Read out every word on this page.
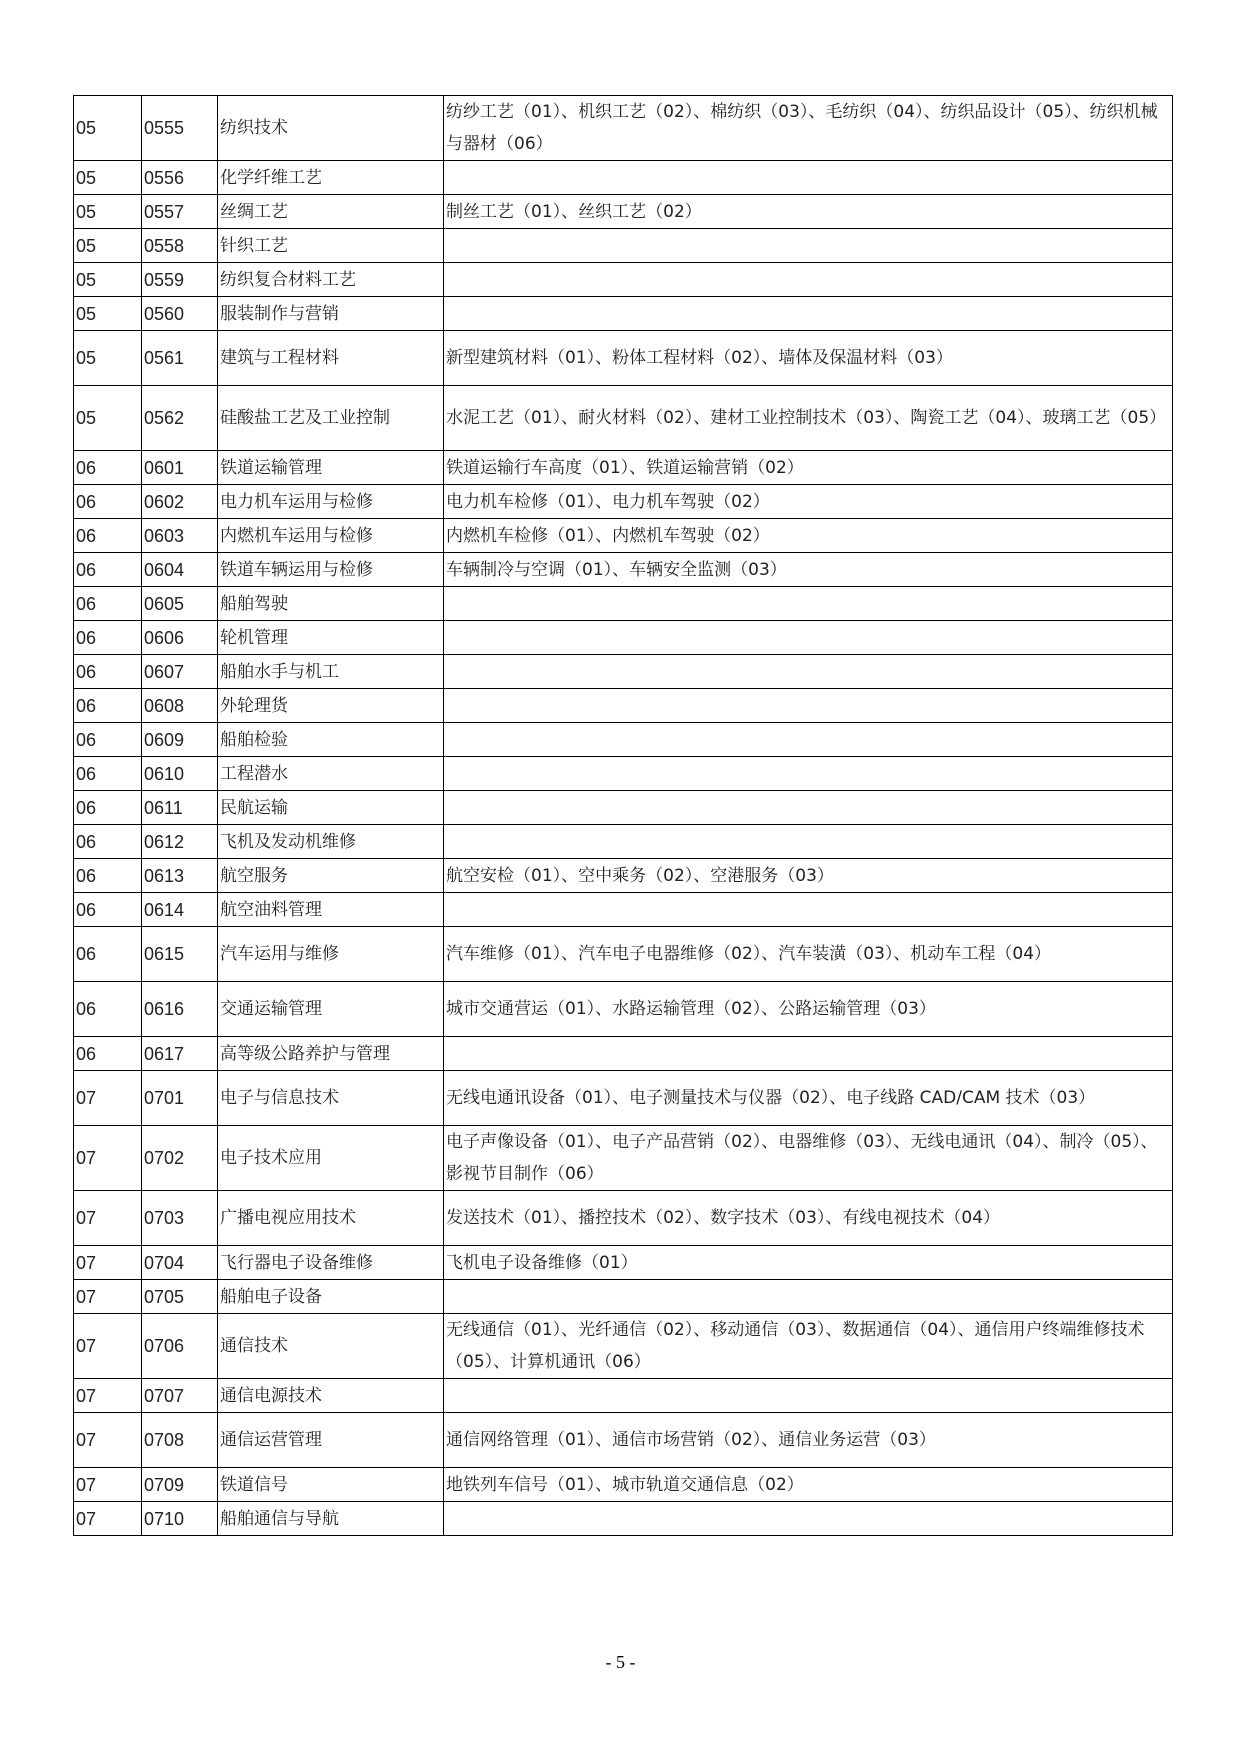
05	0555	纺织技术	纺纱工艺（01）、机织工艺（02）、棉纺织（03）、毛纺织（04）、纺织品设计（05）、纺织机械与器材（06）
05	0556	化学纤维工艺	
05	0557	丝绸工艺	制丝工艺（01）、丝织工艺（02）
05	0558	针织工艺	
05	0559	纺织复合材料工艺	
05	0560	服装制作与营销	
05	0561	建筑与工程材料	新型建筑材料（01）、粉体工程材料（02）、墙体及保温材料（03）
05	0562	硅酸盐工艺及工业控制	水泥工艺（01）、耐火材料（02）、建材工业控制技术（03）、陶瓷工艺（04）、玻璃工艺（05）
06	0601	铁道运输管理	铁道运输行车高度（01）、铁道运输营销（02）
06	0602	电力机车运用与检修	电力机车检修（01）、电力机车驾驶（02）
06	0603	内燃机车运用与检修	内燃机车检修（01）、内燃机车驾驶（02）
06	0604	铁道车辆运用与检修	车辆制冷与空调（01）、车辆安全监测（03）
06	0605	船舶驾驶	
06	0606	轮机管理	
06	0607	船舶水手与机工	
06	0608	外轮理货	
06	0609	船舶检验	
06	0610	工程潜水	
06	0611	民航运输	
06	0612	飞机及发动机维修	
06	0613	航空服务	航空安检（01）、空中乘务（02）、空港服务（03）
06	0614	航空油料管理	
06	0615	汽车运用与维修	汽车维修（01）、汽车电子电器维修（02）、汽车装潢（03）、机动车工程（04）
06	0616	交通运输管理	城市交通营运（01）、水路运输管理（02）、公路运输管理（03）
06	0617	高等级公路养护与管理	
07	0701	电子与信息技术	无线电通讯设备（01）、电子测量技术与仪器（02）、电子线路 CAD/CAM 技术（03）
07	0702	电子技术应用	电子声像设备（01）、电子产品营销（02）、电器维修（03）、无线电通讯（04）、制冷（05）、影视节目制作（06）
07	0703	广播电视应用技术	发送技术（01）、播控技术（02）、数字技术（03）、有线电视技术（04）
07	0704	飞行器电子设备维修	飞机电子设备维修（01）
07	0705	船舶电子设备	
07	0706	通信技术	无线通信（01）、光纤通信（02）、移动通信（03）、数据通信（04）、通信用户终端维修技术（05）、计算机通讯（06）
07	0707	通信电源技术	
07	0708	通信运营管理	通信网络管理（01）、通信市场营销（02）、通信业务运营（03）
07	0709	铁道信号	地铁列车信号（01）、城市轨道交通信息（02）
07	0710	船舶通信与导航	
- 5 -
